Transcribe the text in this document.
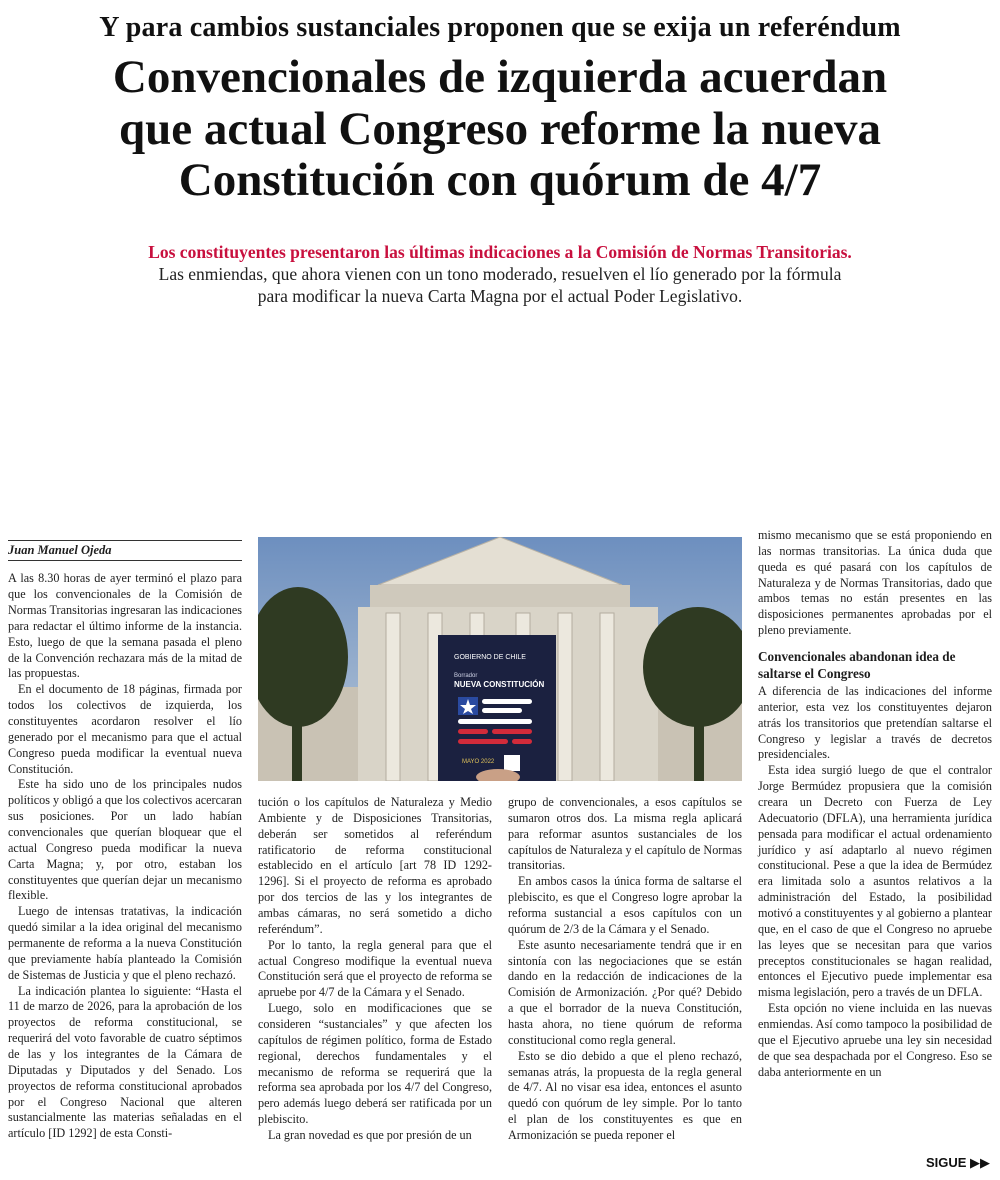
Y para cambios sustanciales proponen que se exija un referéndum
Convencionales de izquierda acuerdan
que actual Congreso reforme la nueva
Constitución con quórum de 4/7
Los constituyentes presentaron las últimas indicaciones a la Comisión de Normas Transitorias.
Las enmiendas, que ahora vienen con un tono moderado, resuelven el lío generado por la fórmula
para modificar la nueva Carta Magna por el actual Poder Legislativo.
Juan Manuel Ojeda

A las 8.30 horas de ayer terminó el plazo para que los convencionales de la Comisión de Normas Transitorias ingresaran las indicaciones para redactar el último informe de la instancia. Esto, luego de que la semana pasada el pleno de la Convención rechazara más de la mitad de las propuestas.

En el documento de 18 páginas, firmada por todos los colectivos de izquierda, los constituyentes acordaron resolver el lío generado por el mecanismo para que el actual Congreso pueda modificar la eventual nueva Constitución.

Este ha sido uno de los principales nudos políticos y obligó a que los colectivos acercaran sus posiciones. Por un lado habían convencionales que querían bloquear que el actual Congreso pueda modificar la nueva Carta Magna; y, por otro, estaban los constituyentes que querían dejar un mecanismo flexible.

Luego de intensas tratativas, la indicación quedó similar a la idea original del mecanismo permanente de reforma a la nueva Constitución que previamente había planteado la Comisión de Sistemas de Justicia y que el pleno rechazó.

La indicación plantea lo siguiente: “Hasta el 11 de marzo de 2026, para la aprobación de los proyectos de reforma constitucional, se requerirá del voto favorable de cuatro séptimos de las y los integrantes de la Cámara de Diputadas y Diputados y del Senado. Los proyectos de reforma constitucional aprobados por el Congreso Nacional que alteren sustancialmente las materias señaladas en el artículo [ID 1292] de esta Consti-

GOBIERNO DE CHILE
Borrador
NUEVA CONSTITUCIÓN
MAYO 2022

tución o los capítulos de Naturaleza y Medio Ambiente y de Disposiciones Transitorias, deberán ser sometidos al referéndum ratificatorio de reforma constitucional establecido en el artículo [art 78 ID 1292-1296]. Si el proyecto de reforma es aprobado por dos tercios de las y los integrantes de ambas cámaras, no será sometido a dicho referéndum”.

Por lo tanto, la regla general para que el actual Congreso modifique la eventual nueva Constitución será que el proyecto de reforma se apruebe por 4/7 de la Cámara y el Senado.

Luego, solo en modificaciones que se consideren “sustanciales” y que afecten los capítulos de régimen político, forma de Estado regional, derechos fundamentales y el mecanismo de reforma se requerirá que la reforma sea aprobada por los 4/7 del Congreso, pero además luego deberá ser ratificada por un plebiscito.

La gran novedad es que por presión de un

grupo de convencionales, a esos capítulos se sumaron otros dos. La misma regla aplicará para reformar asuntos sustanciales de los capítulos de Naturaleza y el capítulo de Normas transitorias.

En ambos casos la única forma de saltarse el plebiscito, es que el Congreso logre aprobar la reforma sustancial a esos capítulos con un quórum de 2/3 de la Cámara y el Senado.

Este asunto necesariamente tendrá que ir en sintonía con las negociaciones que se están dando en la redacción de indicaciones de la Comisión de Armonización. ¿Por qué? Debido a que el borrador de la nueva Constitución, hasta ahora, no tiene quórum de reforma constitucional como regla general.

Esto se dio debido a que el pleno rechazó, semanas atrás, la propuesta de la regla general de 4/7. Al no visar esa idea, entonces el asunto quedó con quórum de ley simple. Por lo tanto el plan de los constituyentes es que en Armonización se pueda reponer el

mismo mecanismo que se está proponiendo en las normas transitorias. La única duda que queda es qué pasará con los capítulos de Naturaleza y de Normas Transitorias, dado que ambos temas no están presentes en las disposiciones permanentes aprobadas por el pleno previamente.

Convencionales abandonan idea de saltarse el Congreso

A diferencia de las indicaciones del informe anterior, esta vez los constituyentes dejaron atrás los transitorios que pretendían saltarse el Congreso y legislar a través de decretos presidenciales.

Esta idea surgió luego de que el contralor Jorge Bermúdez propusiera que la comisión creara un Decreto con Fuerza de Ley Adecuatorio (DFLA), una herramienta jurídica pensada para modificar el actual ordenamiento jurídico y así adaptarlo al nuevo régimen constitucional. Pese a que la idea de Bermúdez era limitada solo a asuntos relativos a la administración del Estado, la posibilidad motivó a constituyentes y al gobierno a plantear que, en el caso de que el Congreso no apruebe las leyes que se necesitan para que varios preceptos constitucionales se hagan realidad, entonces el Ejecutivo puede implementar esa misma legislación, pero a través de un DFLA.

Esta opción no viene incluida en las nuevas enmiendas. Así como tampoco la posibilidad de que el Ejecutivo apruebe una ley sin necesidad de que sea despachada por el Congreso. Eso se daba anteriormente en un

SIGUE ▶▶
